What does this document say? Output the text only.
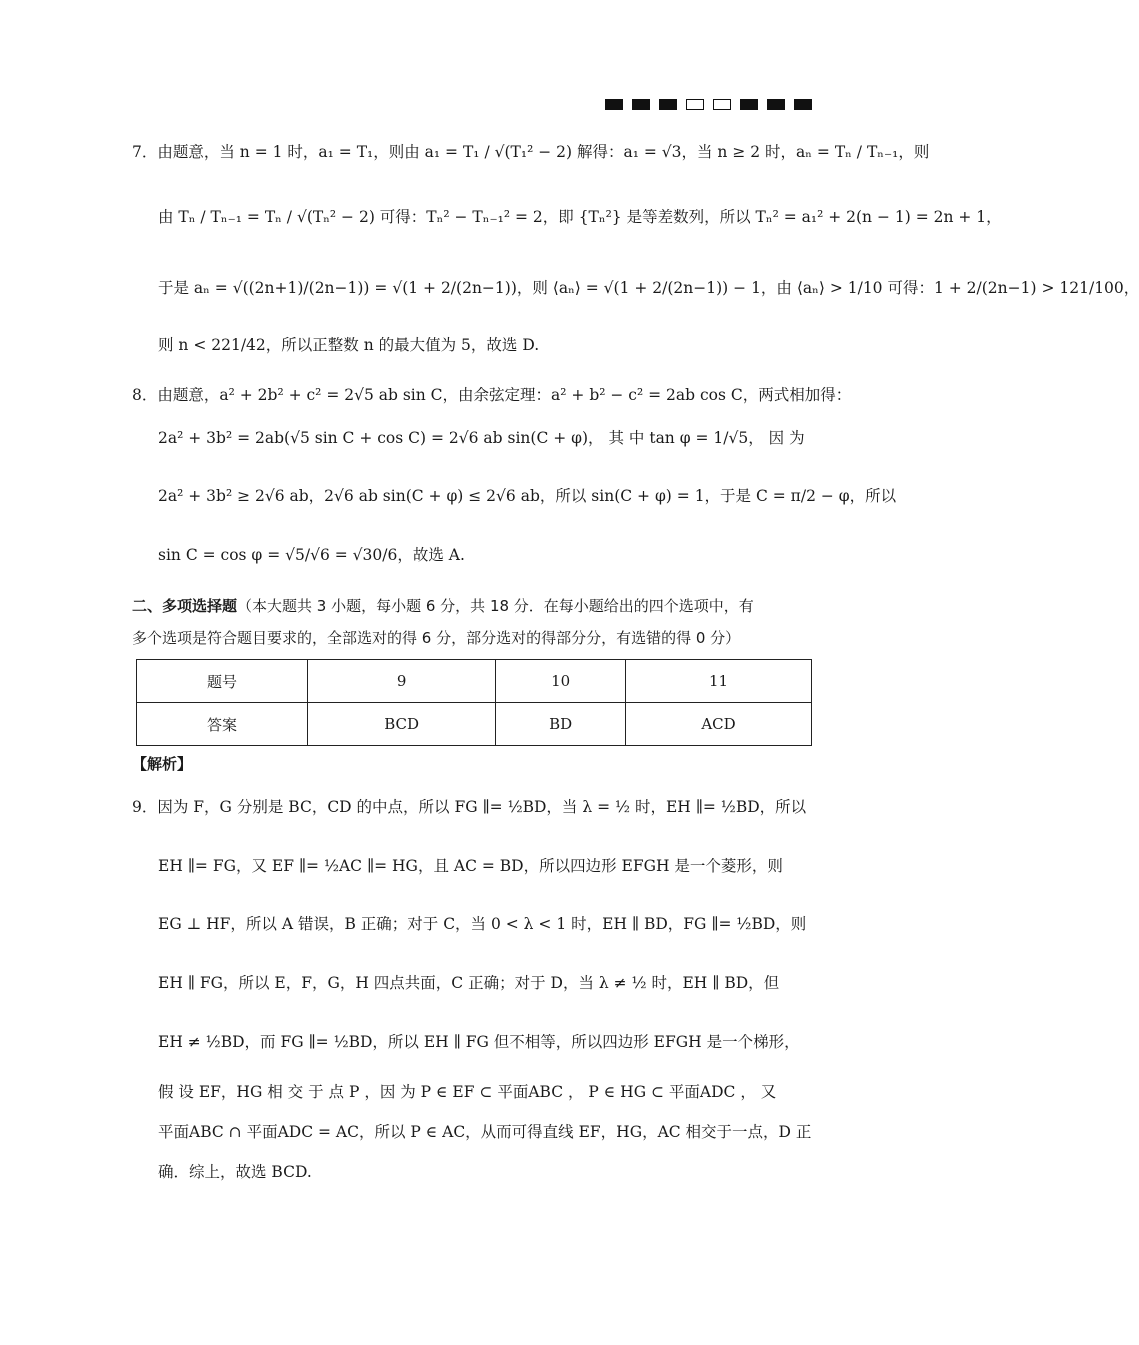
7．由题意，当 n = 1 时，a₁ = T₁，则由 a₁ = T₁ / √(T₁² − 2) 解得：a₁ = √3，当 n ≥ 2 时，aₙ = Tₙ / Tₙ₋₁，则
由 Tₙ / Tₙ₋₁ = Tₙ / √(Tₙ² − 2) 可得：Tₙ² − Tₙ₋₁² = 2，即 {Tₙ²} 是等差数列，所以 Tₙ² = a₁² + 2(n − 1) = 2n + 1，
于是 aₙ = √((2n+1)/(2n−1)) = √(1 + 2/(2n−1))，则 ⟨aₙ⟩ = √(1 + 2/(2n−1)) − 1，由 ⟨aₙ⟩ > 1/10 可得：1 + 2/(2n−1) > 121/100，
则 n < 221/42，所以正整数 n 的最大值为 5，故选 D.
8．由题意，a² + 2b² + c² = 2√5 ab sin C，由余弦定理：a² + b² − c² = 2ab cos C，两式相加得：
2a² + 3b² = 2ab(√5 sin C + cos C) = 2√6 ab sin(C + φ)， 其 中 tan φ = 1/√5， 因 为
2a² + 3b² ≥ 2√6 ab，2√6 ab sin(C + φ) ≤ 2√6 ab，所以 sin(C + φ) = 1，于是 C = π/2 − φ，所以
sin C = cos φ = √5/√6 = √30/6，故选 A.
二、多项选择题（本大题共 3 小题，每小题 6 分，共 18 分．在每小题给出的四个选项中，有
多个选项是符合题目要求的，全部选对的得 6 分，部分选对的得部分分，有选错的得 0 分）
题号	9	10	11
答案	BCD	BD	ACD
【解析】
9．因为 F，G 分别是 BC，CD 的中点，所以 FG ∥= ½BD，当 λ = ½ 时，EH ∥= ½BD，所以
EH ∥= FG，又 EF ∥= ½AC ∥= HG，且 AC = BD，所以四边形 EFGH 是一个菱形，则
EG ⊥ HF，所以 A 错误，B 正确；对于 C，当 0 < λ < 1 时，EH ∥ BD，FG ∥= ½BD，则
EH ∥ FG，所以 E，F，G，H 四点共面，C 正确；对于 D，当 λ ≠ ½ 时，EH ∥ BD，但
EH ≠ ½BD，而 FG ∥= ½BD，所以 EH ∥ FG 但不相等，所以四边形 EFGH 是一个梯形，
假 设 EF，HG 相 交 于 点 P ，因 为 P ∈ EF ⊂ 平面ABC ， P ∈ HG ⊂ 平面ADC ， 又
平面ABC ∩ 平面ADC = AC，所以 P ∈ AC，从而可得直线 EF，HG，AC 相交于一点，D 正
确．综上，故选 BCD.
